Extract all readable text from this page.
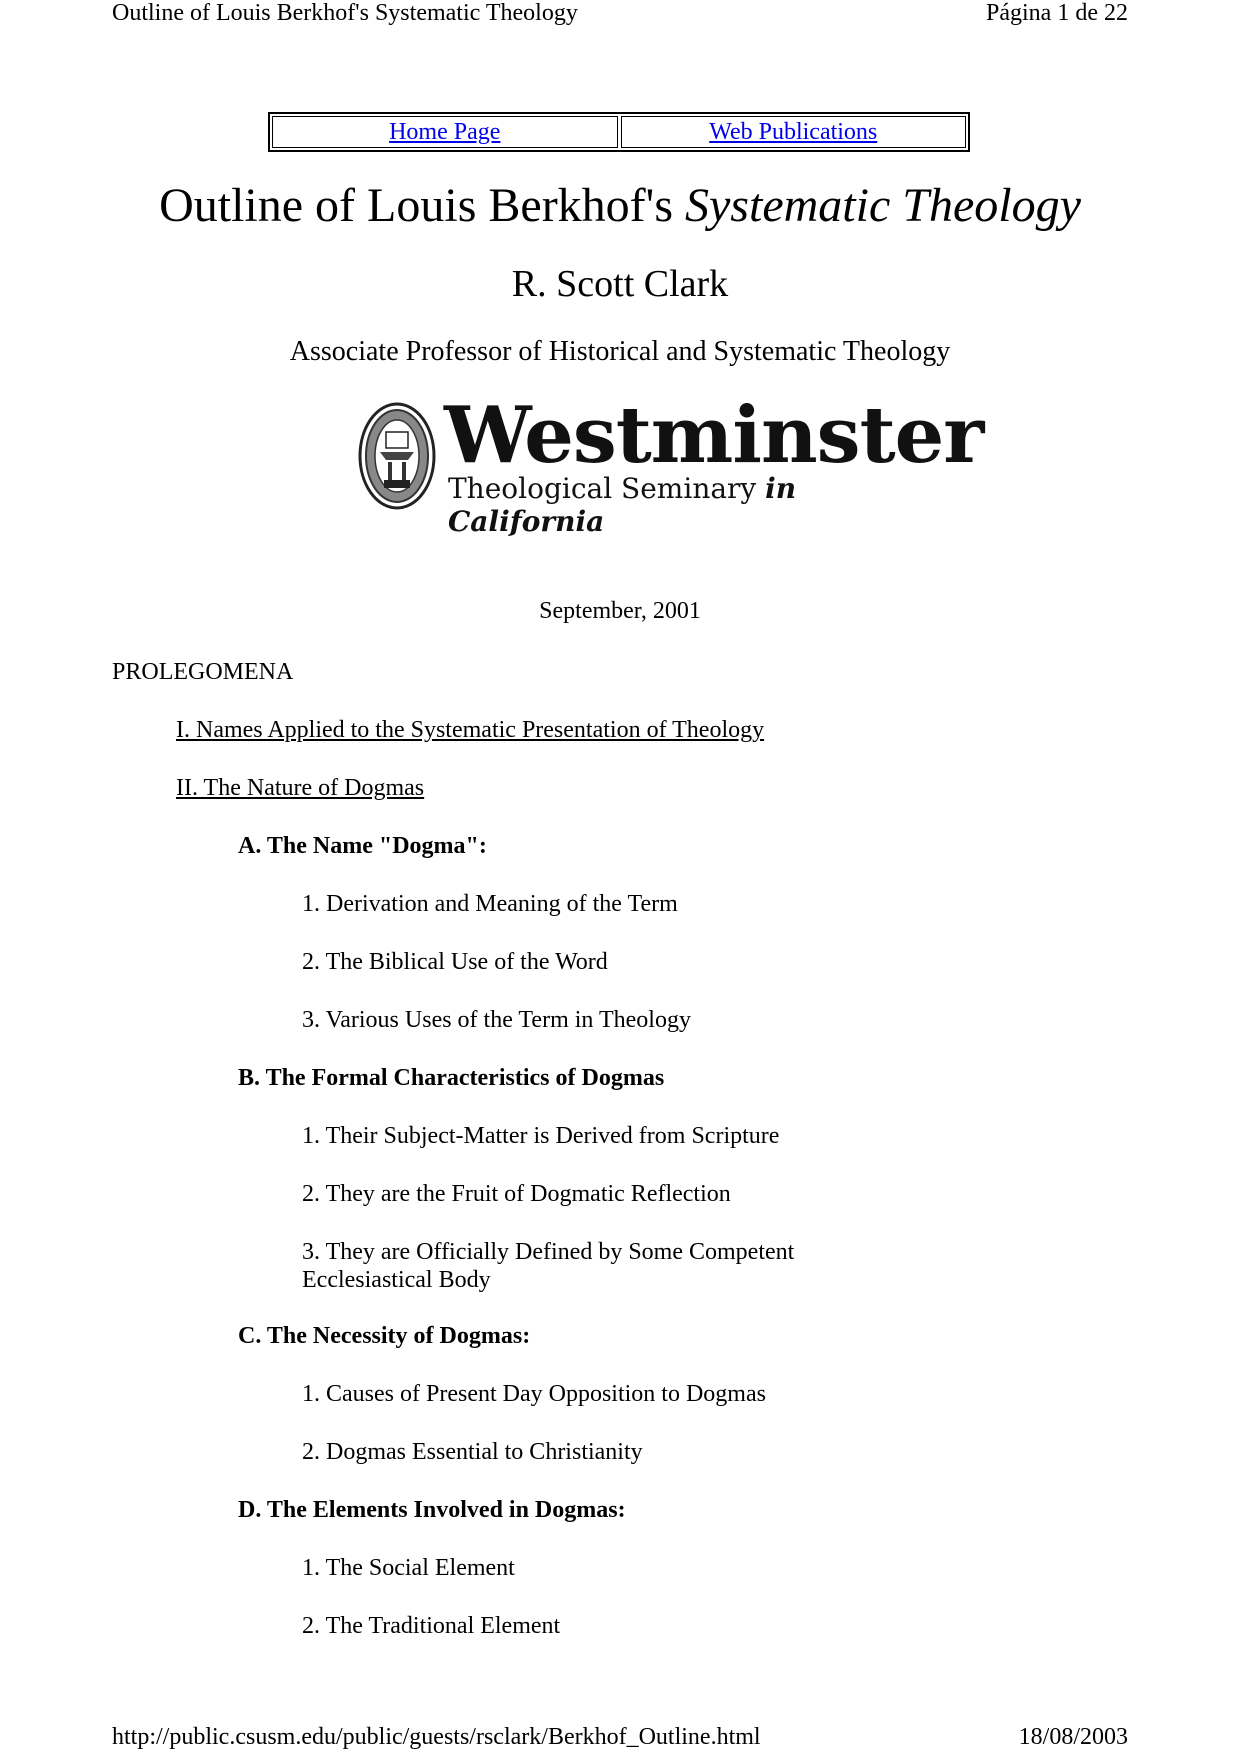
Outline of Louis Berkhof's Systematic Theology	Página 1 de 22
Home Page	Web Publications
Outline of Louis Berkhof's Systematic Theology
R. Scott Clark
Associate Professor of Historical and Systematic Theology
Westminster
Theological Seminary in California
September, 2001
PROLEGOMENA
I. Names Applied to the Systematic Presentation of Theology
II. The Nature of Dogmas
A. The Name "Dogma":
1. Derivation and Meaning of the Term
2. The Biblical Use of the Word
3. Various Uses of the Term in Theology
B. The Formal Characteristics of Dogmas
1. Their Subject-Matter is Derived from Scripture
2. They are the Fruit of Dogmatic Reflection
3. They are Officially Defined by Some Competent Ecclesiastical Body
C. The Necessity of Dogmas:
1. Causes of Present Day Opposition to Dogmas
2. Dogmas Essential to Christianity
D. The Elements Involved in Dogmas:
1. The Social Element
2. The Traditional Element
http://public.csusm.edu/public/guests/rsclark/Berkhof_Outline.html	18/08/2003
